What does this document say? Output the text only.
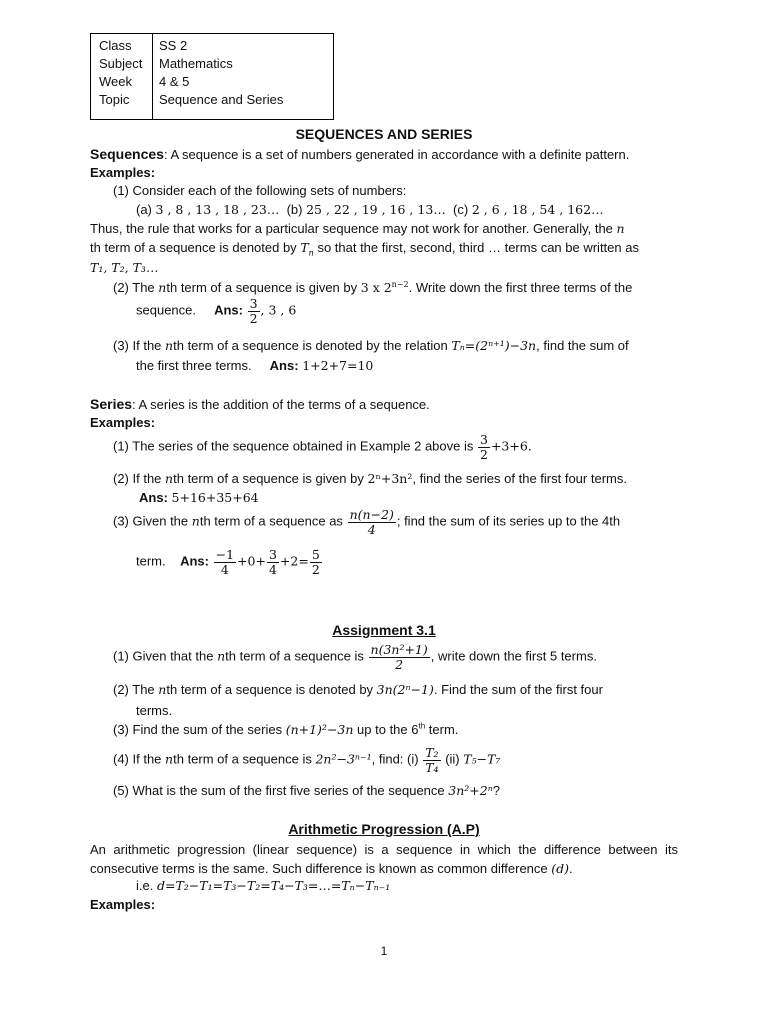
Class SS 2
Subject Mathematics
Week 4 & 5
Topic Sequence and Series
SEQUENCES AND SERIES
Sequences: A sequence is a set of numbers generated in accordance with a definite pattern.
Examples:
(1) Consider each of the following sets of numbers:
(a) 3 , 8 , 13 , 18 , 23… (b) 25 , 22 , 19 , 16 , 13… (c) 2 , 6 , 18 , 54 , 162…
Thus, the rule that works for a particular sequence may not work for another. Generally, the n
th term of a sequence is denoted by $T_n$ so that the first, second, third … terms can be written as
T₁, T₂, T₃…
(2) The nth term of a sequence is given by 3 x $2^{n-2}$. Write down the first three terms of the
sequence. Ans: $\frac{3}{2}$ , 3 , 6
(3) If the nth term of a sequence is denoted by the relation Tₙ=(2ⁿ⁺¹)−3n, find the sum of
the first three terms. Ans: 1+2+7=10
Series: A series is the addition of the terms of a sequence.
Examples:
(1) The series of the sequence obtained in Example 2 above is $\frac{3}{2} +3+6$.
(2) If the nth term of a sequence is given by 2ⁿ+3n², find the series of the first four terms.
Ans: 5+16+35+64
(3) Given the nth term of a sequence as $\frac{n(n-2)}{4}$ ; find the sum of its series up to the 4th
term. Ans: $\frac{-1}{4} +0+ \frac{3}{4} +2= \frac{5}{2}$
Assignment 3.1
(1) Given that the nth term of a sequence is $\frac{\text{n(3n²+1)}}{2}$ , write down the first 5 terms.
(2) The nth term of a sequence is denoted by 3n(2ⁿ−1). Find the sum of the first four
terms.
(3) Find the sum of the series (n+1)²−3n up to the 6th term.
(4) If the nth term of a sequence is 2n²−3ⁿ⁻¹, find: $(i) \frac{\text{T₂}}{\text{T₄}} (ii)$ T₅−T₇
(5) What is the sum of the first five series of the sequence 3n²+2ⁿ?
Arithmetic Progression (A.P)
An arithmetic progression (linear sequence) is a sequence in which the difference between its consecutive terms is the same. Such difference is known as common difference (d).
i.e. d=T₂−T₁=T₃−T₂=T₄−T₃=…=Tₙ−Tₙ₋₁
Examples:
1
